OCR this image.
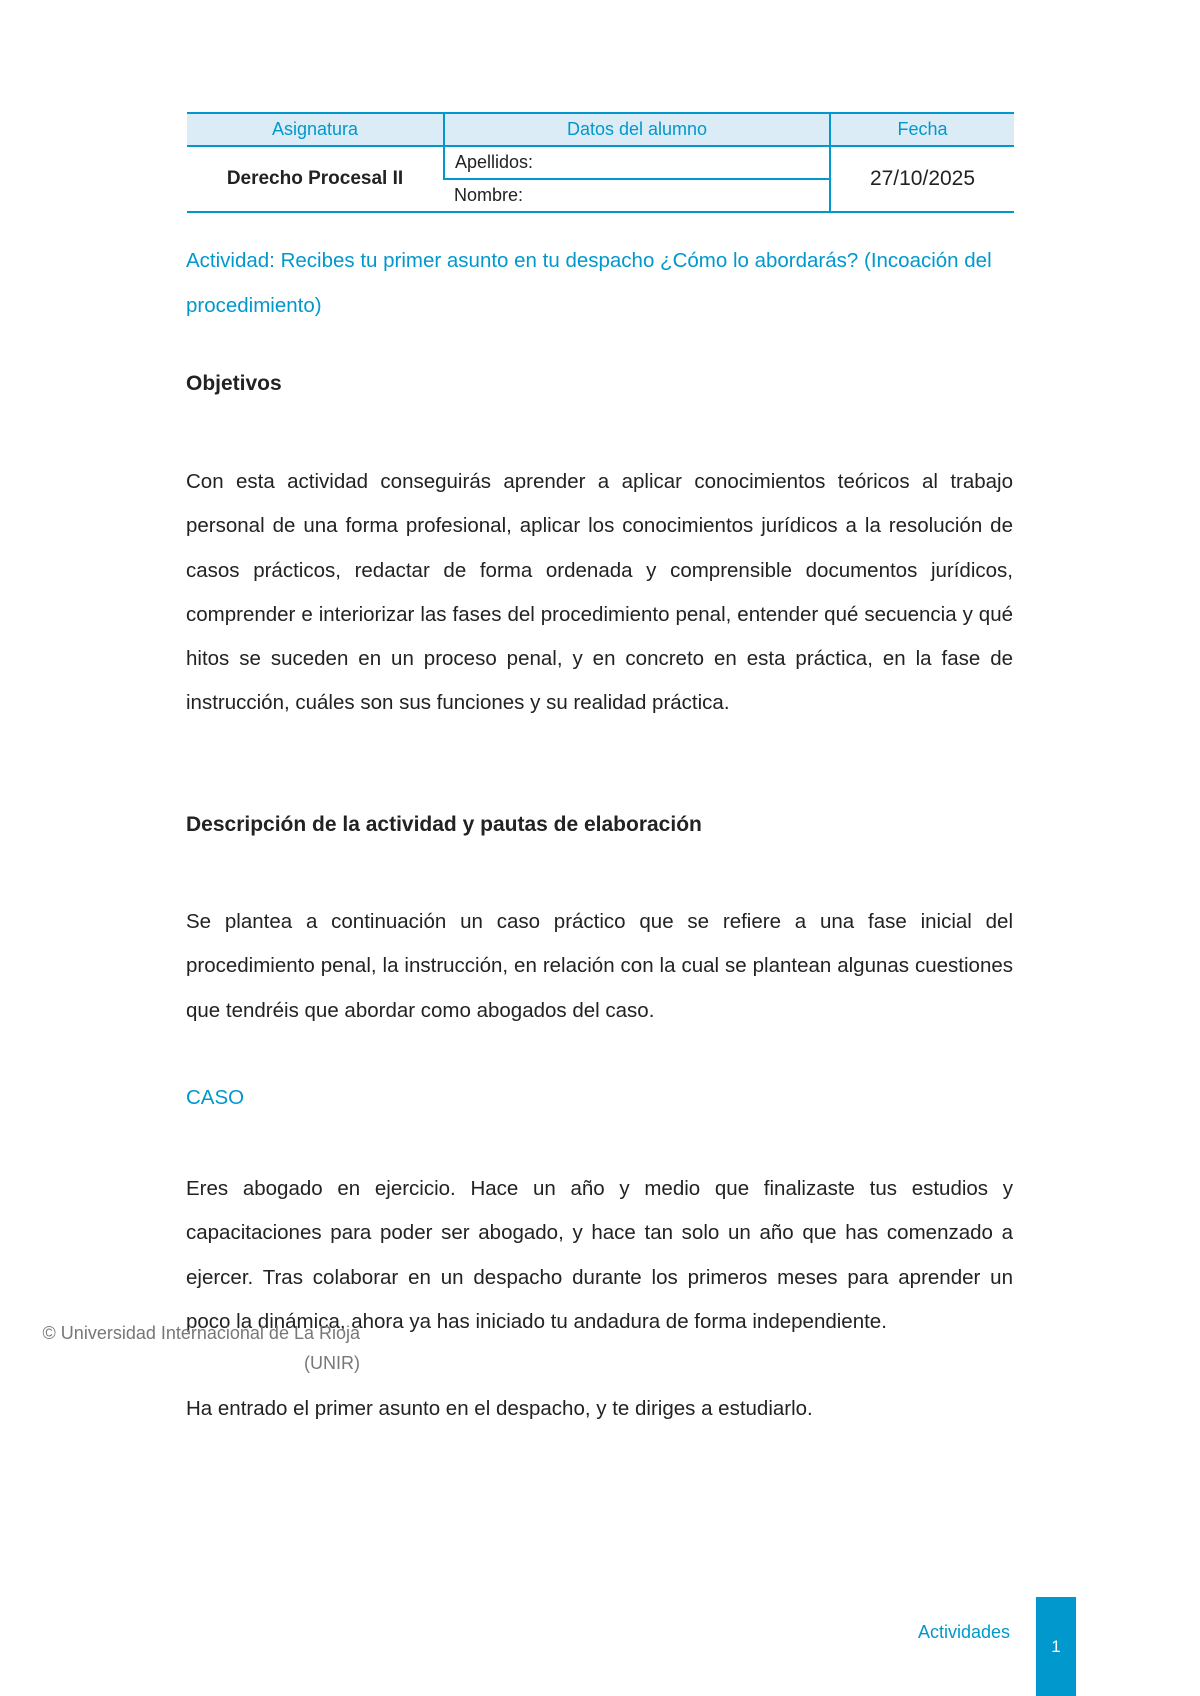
Asignatura	Datos del alumno	Fecha
Derecho Procesal II	Apellidos:	27/10/2025
	Nombre:	
Actividad: Recibes tu primer asunto en tu despacho ¿Cómo lo abordarás? (Incoación del procedimiento)
Objetivos

Con esta actividad conseguirás aprender a aplicar conocimientos teóricos al trabajo personal de una forma profesional, aplicar los conocimientos jurídicos a la resolución de casos prácticos, redactar de forma ordenada y comprensible documentos jurídicos, comprender e interiorizar las fases del procedimiento penal, entender qué secuencia y qué hitos se suceden en un proceso penal, y en concreto en esta práctica, en la fase de instrucción, cuáles son sus funciones y su realidad práctica.

Descripción de la actividad y pautas de elaboración

Se plantea a continuación un caso práctico que se refiere a una fase inicial del procedimiento penal, la instrucción, en relación con la cual se plantean algunas cuestiones que tendréis que abordar como abogados del caso.

CASO

Eres abogado en ejercicio. Hace un año y medio que finalizaste tus estudios y capacitaciones para poder ser abogado, y hace tan solo un año que has comenzado a ejercer. Tras colaborar en un despacho durante los primeros meses para aprender un poco la dinámica, ahora ya has iniciado tu andadura de forma independiente.

Ha entrado el primer asunto en el despacho, y te diriges a estudiarlo.

© Universidad Internacional de La Rioja (UNIR)
Actividades
1
